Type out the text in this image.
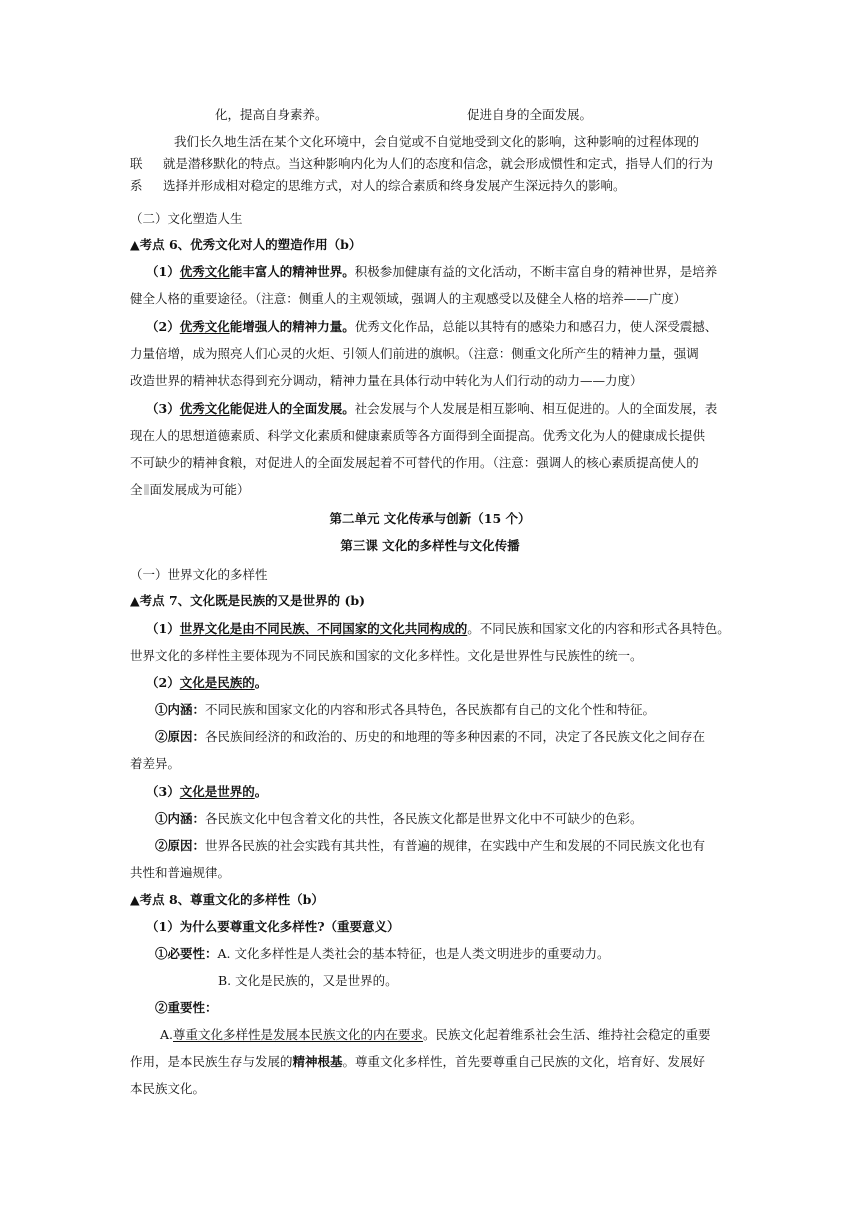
化，提高自身素养。	促进自身的全面发展。
我们长久地生活在某个文化环境中，会自觉或不自觉地受到文化的影响，这种影响的过程体现的
联 就是潜移默化的特点。当这种影响内化为人们的态度和信念，就会形成惯性和定式，指导人们的行为
系 选择并形成相对稳定的思维方式，对人的综合素质和终身发展产生深远持久的影响。
（二）文化塑造人生
▲考点 6、优秀文化对人的塑造作用（b）
（1）优秀文化能丰富人的精神世界。积极参加健康有益的文化活动，不断丰富自身的精神世界，是培养
健全人格的重要途径。（注意：侧重人的主观领域，强调人的主观感受以及健全人格的培养——广度）
（2）优秀文化能增强人的精神力量。优秀文化作品，总能以其特有的感染力和感召力，使人深受震撼、
力量倍增，成为照亮人们心灵的火炬、引领人们前进的旗帜。（注意：侧重文化所产生的精神力量，强调
改造世界的精神状态得到充分调动，精神力量在具体行动中转化为人们行动的动力——力度）
（3）优秀文化能促进人的全面发展。社会发展与个人发展是相互影响、相互促进的。人的全面发展，表
现在人的思想道德素质、科学文化素质和健康素质等各方面得到全面提高。优秀文化为人的健康成长提供
不可缺少的精神食粮，对促进人的全面发展起着不可替代的作用。（注意：强调人的核心素质提高使人的
全 面发展成为可能）
第二单元 文化传承与创新（15 个）
第三课 文化的多样性与文化传播
（一）世界文化的多样性
▲考点 7、文化既是民族的又是世界的 (b)
（1）世界文化是由不同民族、不同国家的文化共同构成的。不同民族和国家文化的内容和形式各具特色。
世界文化的多样性主要体现为不同民族和国家的文化多样性。文化是世界性与民族性的统一。
（2）文化是民族的。
①内涵：不同民族和国家文化的内容和形式各具特色，各民族都有自己的文化个性和特征。
②原因：各民族间经济的和政治的、历史的和地理的等多种因素的不同，决定了各民族文化之间存在
着差异。
（3）文化是世界的。
①内涵：各民族文化中包含着文化的共性，各民族文化都是世界文化中不可缺少的色彩。
②原因：世界各民族的社会实践有其共性，有普遍的规律，在实践中产生和发展的不同民族文化也有
共性和普遍规律。
▲考点 8、尊重文化的多样性（b）
（1）为什么要尊重文化多样性?（重要意义）
①必要性：A. 文化多样性是人类社会的基本特征，也是人类文明进步的重要动力。
B. 文化是民族的，又是世界的。
②重要性：
A.尊重文化多样性是发展本民族文化的内在要求。民族文化起着维系社会生活、维持社会稳定的重要
作用，是本民族生存与发展的精神根基。尊重文化多样性，首先要尊重自己民族的文化，培育好、发展好
本民族文化。
